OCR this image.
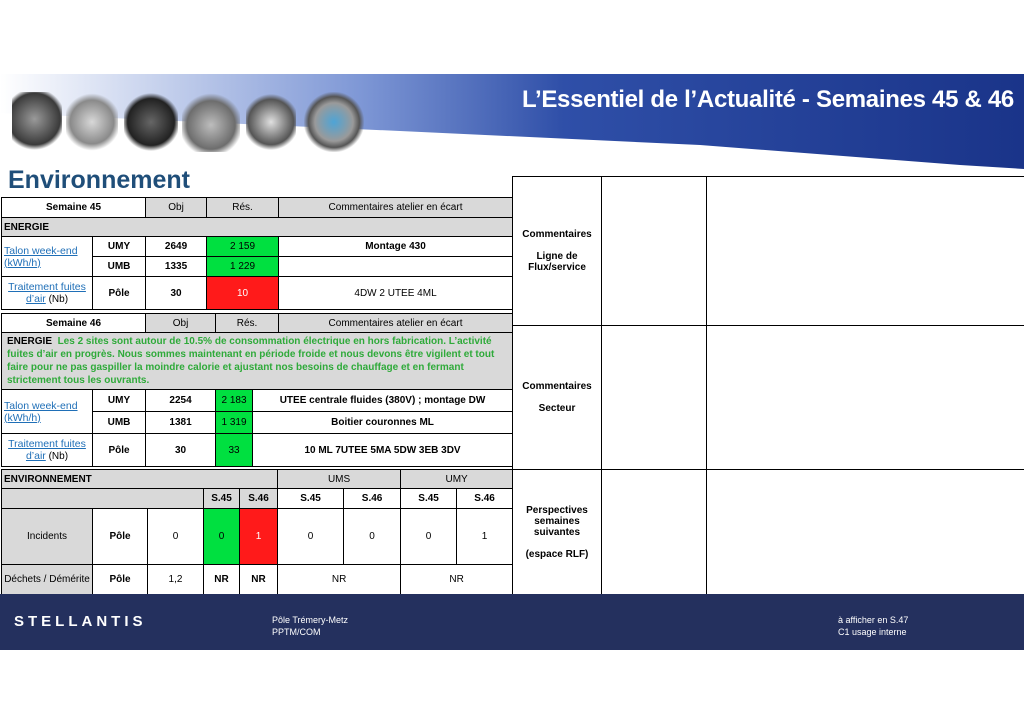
L’Essentiel de l’Actualité - Semaines 45 & 46
Environnement
Semaine 45		Obj	Rés.	Commentaires atelier en écart
ENERGIE				
Talon week-end (kWh/h)	UMY	2649	2 159	Montage 430
	UMB	1335	1 229	
Traitement fuites d’air (Nb)	Pôle	30	10	4DW 2 UTEE 4ML
Semaine 46		Obj	Rés.		Commentaires atelier en écart
ENERGIE Les 2 sites sont autour de 10.5% de consommation électrique en hors fabrication. L’activité fuites d’air en progrès. Nous sommes maintenant en période froide et nous devons être vigilent et tout faire pour ne pas gaspiller la moindre calorie et ajustant nos besoins de chauffage et en fermant strictement tous les ouvrants.					
Talon week-end (kWh/h)	UMY	2254	2 183	UTEE centrale fluides (380V) ; montage DW	
	UMB	1381	1 319	Boitier couronnes ML	
Traitement fuites d’air (Nb)	Pôle	30	33	10 ML 7UTEE 5MA 5DW 3EB 3DV	
ENVIRONNEMENT					UMS		UMY	
			S.45	S.46	S.45	S.46	S.45	S.46
Incidents	Pôle	0	0	1	0	0	0	1
Déchets / Démérite	Pôle	1,2	NR	NR	NR		NR	
Commentaires

Ligne de Flux/service		

Commentaires

Secteur		

Perspectives semaines suivantes

(espace RLF)		

STELLANTIS	Pôle Trémery-Metz
PPTM/COM
à afficher en S.47
C1 usage interne
